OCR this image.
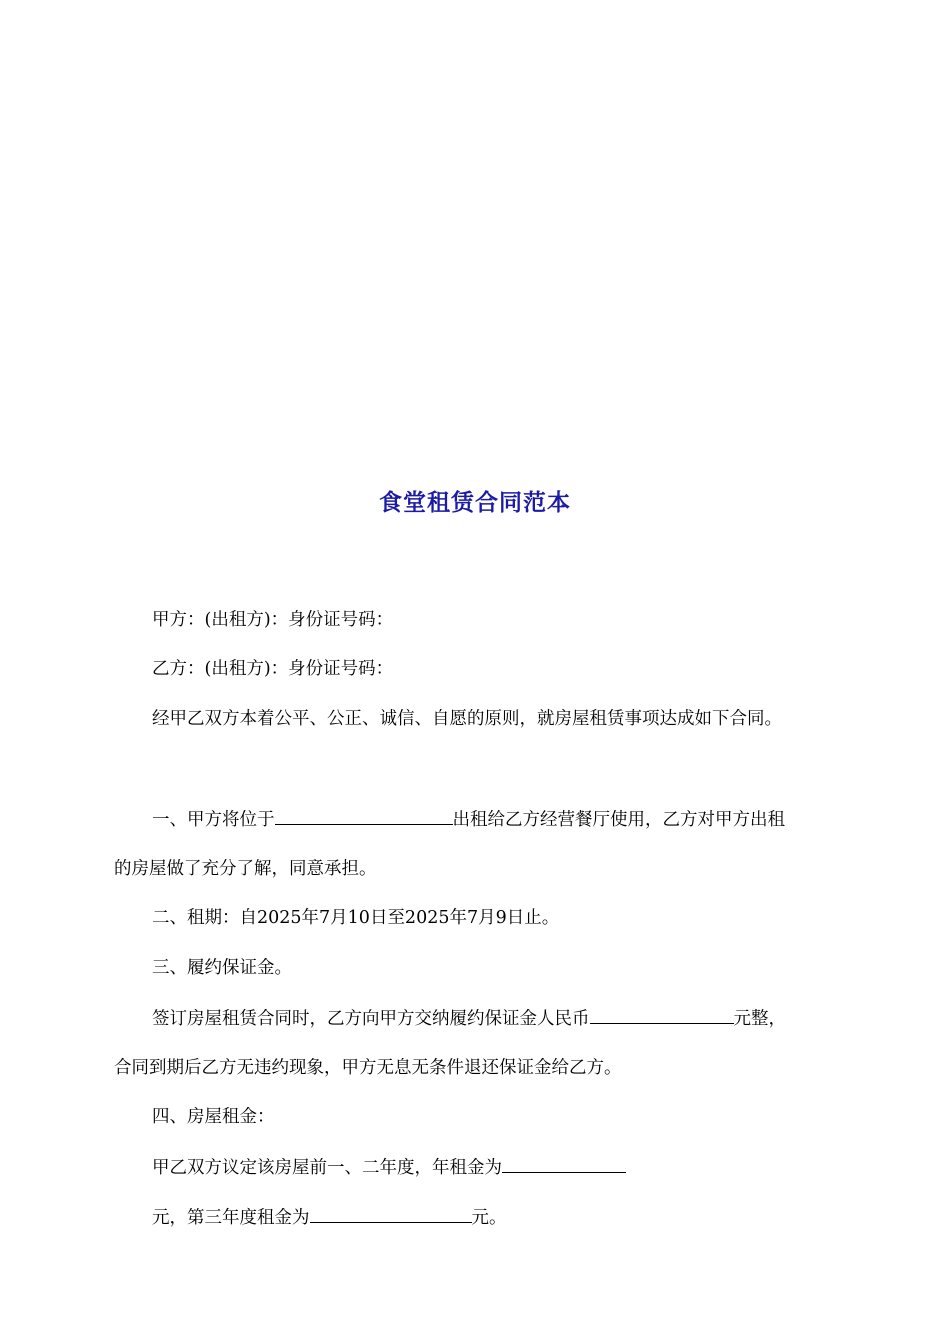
食堂租赁合同范本
甲方：(出租方)：身份证号码：
乙方：(出租方)：身份证号码：
经甲乙双方本着公平、公正、诚信、自愿的原则，就房屋租赁事项达成如下合同。
一、甲方将位于	出租给乙方经营餐厅使用，乙方对甲方出租
的房屋做了充分了解，同意承担。
二、租期：自2025年7月10日至2025年7月9日止。
三、履约保证金。
签订房屋租赁合同时，乙方向甲方交纳履约保证金人民币	元整，
合同到期后乙方无违约现象，甲方无息无条件退还保证金给乙方。
四、房屋租金：
甲乙双方议定该房屋前一、二年度，年租金为
元，第三年度租金为	元。
